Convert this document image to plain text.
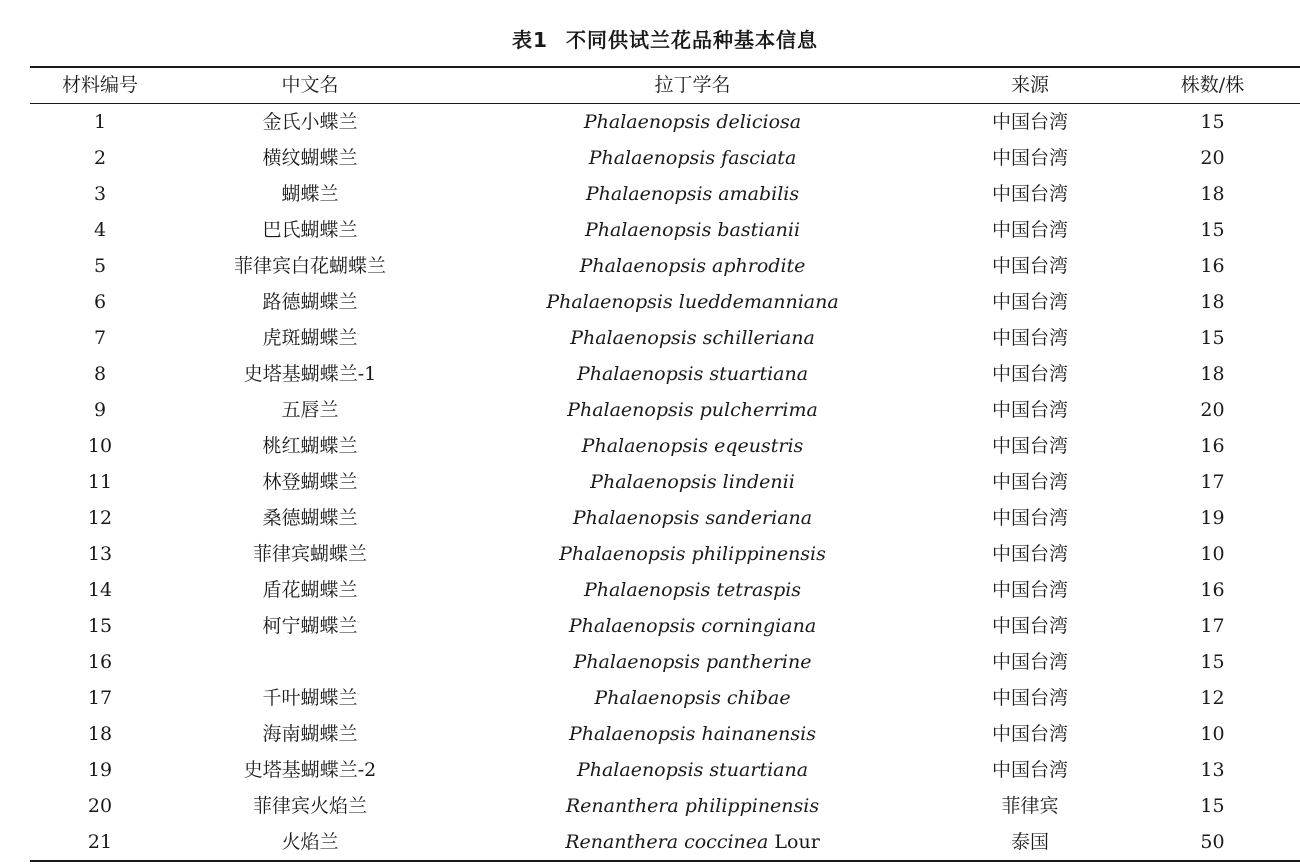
表1 不同供试兰花品种基本信息
材料编号	中文名	拉丁学名	来源	株数/株
1	金氏小蝶兰	Phalaenopsis deliciosa	中国台湾	15
2	横纹蝴蝶兰	Phalaenopsis fasciata	中国台湾	20
3	蝴蝶兰	Phalaenopsis amabilis	中国台湾	18
4	巴氏蝴蝶兰	Phalaenopsis bastianii	中国台湾	15
5	菲律宾白花蝴蝶兰	Phalaenopsis aphrodite	中国台湾	16
6	路德蝴蝶兰	Phalaenopsis lueddemanniana	中国台湾	18
7	虎斑蝴蝶兰	Phalaenopsis schilleriana	中国台湾	15
8	史塔基蝴蝶兰-1	Phalaenopsis stuartiana	中国台湾	18
9	五唇兰	Phalaenopsis pulcherrima	中国台湾	20
10	桃红蝴蝶兰	Phalaenopsis eqeustris	中国台湾	16
11	林登蝴蝶兰	Phalaenopsis lindenii	中国台湾	17
12	桑德蝴蝶兰	Phalaenopsis sanderiana	中国台湾	19
13	菲律宾蝴蝶兰	Phalaenopsis philippinensis	中国台湾	10
14	盾花蝴蝶兰	Phalaenopsis tetraspis	中国台湾	16
15	柯宁蝴蝶兰	Phalaenopsis corningiana	中国台湾	17
16		Phalaenopsis pantherine	中国台湾	15
17	千叶蝴蝶兰	Phalaenopsis chibae	中国台湾	12
18	海南蝴蝶兰	Phalaenopsis hainanensis	中国台湾	10
19	史塔基蝴蝶兰-2	Phalaenopsis stuartiana	中国台湾	13
20	菲律宾火焰兰	Renanthera philippinensis	菲律宾	15
21	火焰兰	Renanthera coccinea Lour	泰国	50
